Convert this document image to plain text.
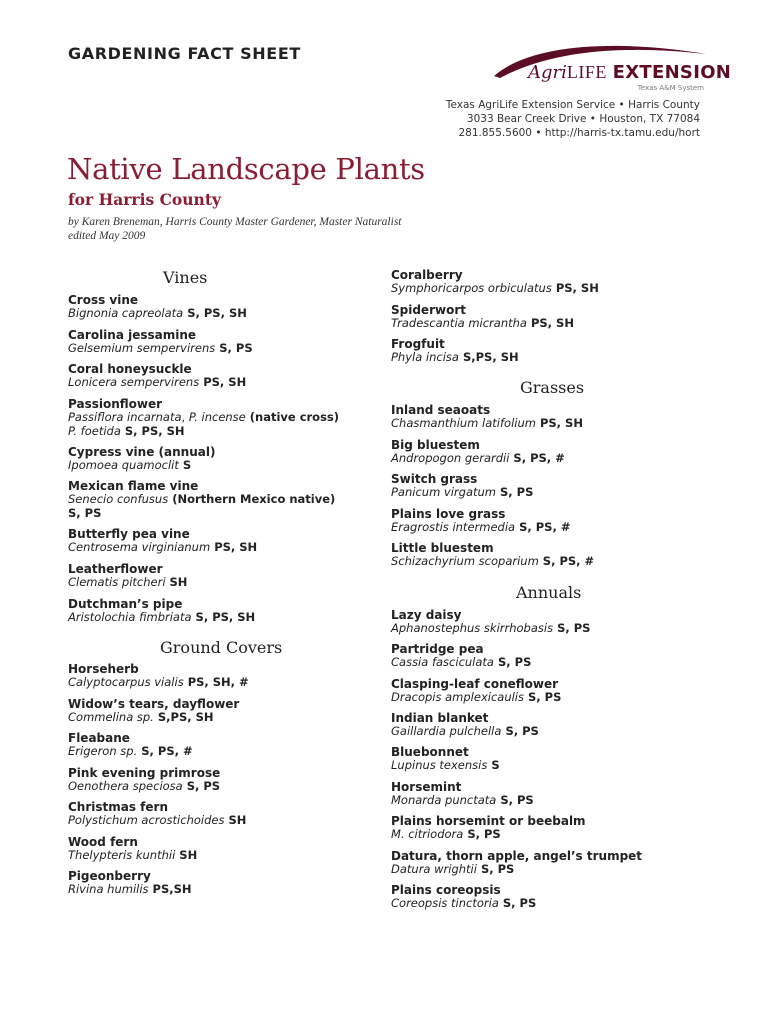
GARDENING FACT SHEET
AgriLIFE EXTENSION
Texas A&M System
Texas AgriLife Extension Service • Harris County
3033 Bear Creek Drive • Houston, TX 77084
281.855.5600 • http://harris-tx.tamu.edu/hort
Native Landscape Plants
for Harris County
by Karen Breneman, Harris County Master Gardener, Master Naturalist
edited May 2009
Vines
Cross vine
Bignonia capreolata S, PS, SH
Carolina jessamine
Gelsemium sempervirens S, PS
Coral honeysuckle
Lonicera sempervirens PS, SH
Passionflower
Passiflora incarnata, P. incense (native cross)
P. foetida S, PS, SH
Cypress vine (annual)
Ipomoea quamoclit S
Mexican flame vine
Senecio confusus (Northern Mexico native)
S, PS
Butterfly pea vine
Centrosema virginianum PS, SH
Leatherflower
Clematis pitcheri SH
Dutchman’s pipe
Aristolochia fimbriata S, PS, SH
Ground Covers
Horseherb
Calyptocarpus vialis PS, SH, #
Widow’s tears, dayflower
Commelina sp. S,PS, SH
Fleabane
Erigeron sp. S, PS, #
Pink evening primrose
Oenothera speciosa S, PS
Christmas fern
Polystichum acrostichoides SH
Wood fern
Thelypteris kunthii SH
Pigeonberry
Rivina humilis PS,SH
Coralberry
Symphoricarpos orbiculatus PS, SH
Spiderwort
Tradescantia micrantha PS, SH
Frogfuit
Phyla incisa S,PS, SH
Grasses
Inland seaoats
Chasmanthium latifolium PS, SH
Big bluestem
Andropogon gerardii S, PS, #
Switch grass
Panicum virgatum S, PS
Plains love grass
Eragrostis intermedia S, PS, #
Little bluestem
Schizachyrium scoparium S, PS, #
Annuals
Lazy daisy
Aphanostephus skirrhobasis S, PS
Partridge pea
Cassia fasciculata S, PS
Clasping-leaf coneflower
Dracopis amplexicaulis S, PS
Indian blanket
Gaillardia pulchella S, PS
Bluebonnet
Lupinus texensis S
Horsemint
Monarda punctata S, PS
Plains horsemint or beebalm
M. citriodora S, PS
Datura, thorn apple, angel’s trumpet
Datura wrightii S, PS
Plains coreopsis
Coreopsis tinctoria S, PS
